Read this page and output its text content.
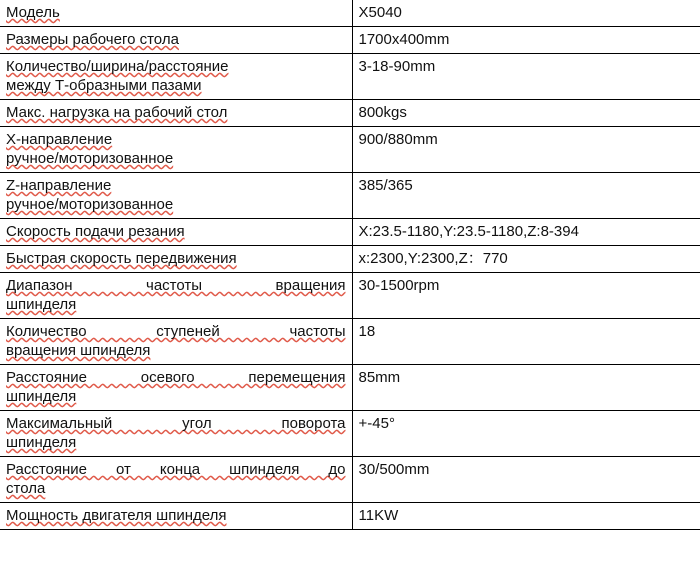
Модель	X5040

Размеры рабочего стола	1700x400mm

Количество/ширина/расстояние
между Т-образными пазами	3-18-90mm

Макс. нагрузка на рабочий стол	800kgs

X-направление
ручное/моторизованное	900/880mm

Z-направление
ручное/моторизованное	385/365

Скорость подачи резания	X:23.5-1180,Y:23.5-1180,Z:8-394

Быстрая скорость передвижения	x:2300,Y:2300,Z：770

Диапазон частоты вращения
шпинделя	30-1500rpm

Количество ступеней частоты
вращения шпинделя	18

Расстояние осевого перемещения
шпинделя	85mm

Максимальный угол поворота
шпинделя	+-45°

Расстояние от конца шпинделя до
стола	30/500mm

Мощность двигателя шпинделя	11KW
